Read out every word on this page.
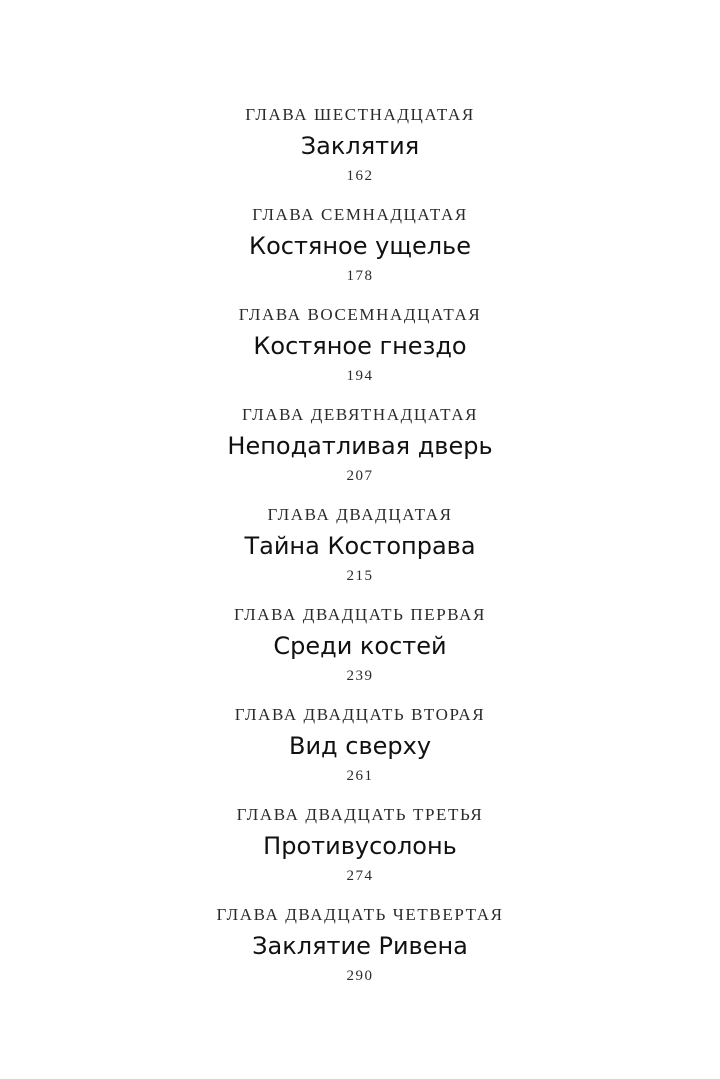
ГЛАВА ШЕСТНАДЦАТАЯ
Заклятия
162
ГЛАВА СЕМНАДЦАТАЯ
Костяное ущелье
178
ГЛАВА ВОСЕМНАДЦАТАЯ
Костяное гнездо
194
ГЛАВА ДЕВЯТНАДЦАТАЯ
Неподатливая дверь
207
ГЛАВА ДВАДЦАТАЯ
Тайна Костоправа
215
ГЛАВА ДВАДЦАТЬ ПЕРВАЯ
Среди костей
239
ГЛАВА ДВАДЦАТЬ ВТОРАЯ
Вид сверху
261
ГЛАВА ДВАДЦАТЬ ТРЕТЬЯ
Противусолонь
274
ГЛАВА ДВАДЦАТЬ ЧЕТВЕРТАЯ
Заклятие Ривена
290
